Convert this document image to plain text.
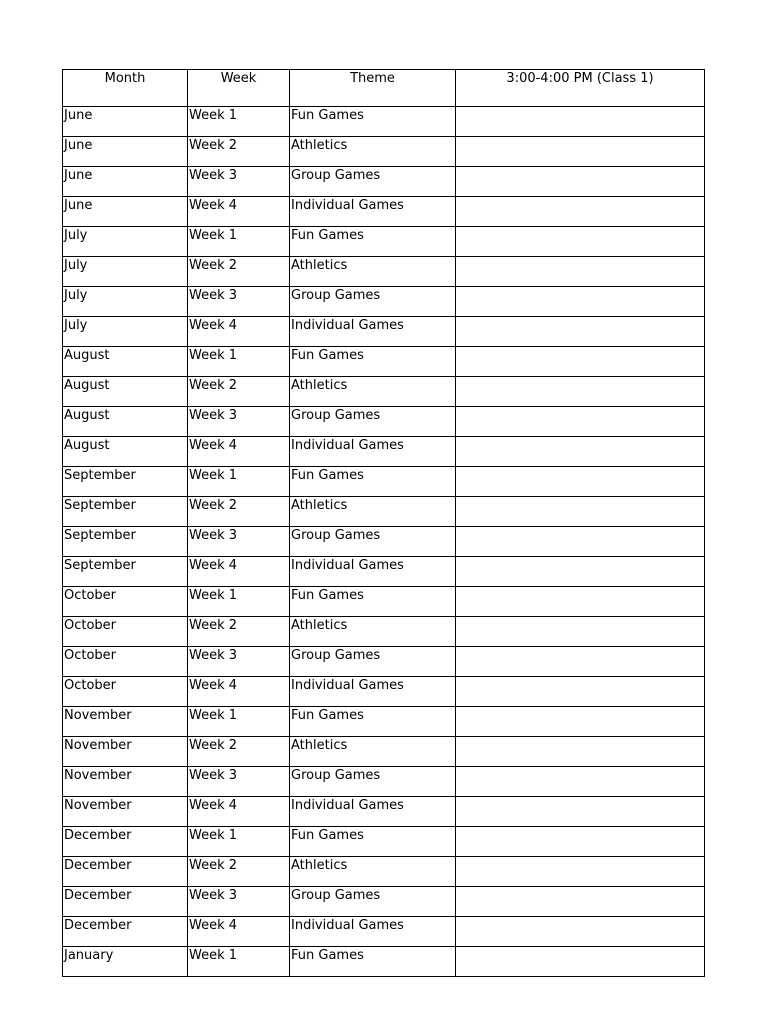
Month	Week	Theme	3:00-4:00 PM (Class 1)
June	Week 1	Fun Games	
June	Week 2	Athletics	
June	Week 3	Group Games	
June	Week 4	Individual Games	
July	Week 1	Fun Games	
July	Week 2	Athletics	
July	Week 3	Group Games	
July	Week 4	Individual Games	
August	Week 1	Fun Games	
August	Week 2	Athletics	
August	Week 3	Group Games	
August	Week 4	Individual Games	
September	Week 1	Fun Games	
September	Week 2	Athletics	
September	Week 3	Group Games	
September	Week 4	Individual Games	
October	Week 1	Fun Games	
October	Week 2	Athletics	
October	Week 3	Group Games	
October	Week 4	Individual Games	
November	Week 1	Fun Games	
November	Week 2	Athletics	
November	Week 3	Group Games	
November	Week 4	Individual Games	
December	Week 1	Fun Games	
December	Week 2	Athletics	
December	Week 3	Group Games	
December	Week 4	Individual Games	
January	Week 1	Fun Games	
